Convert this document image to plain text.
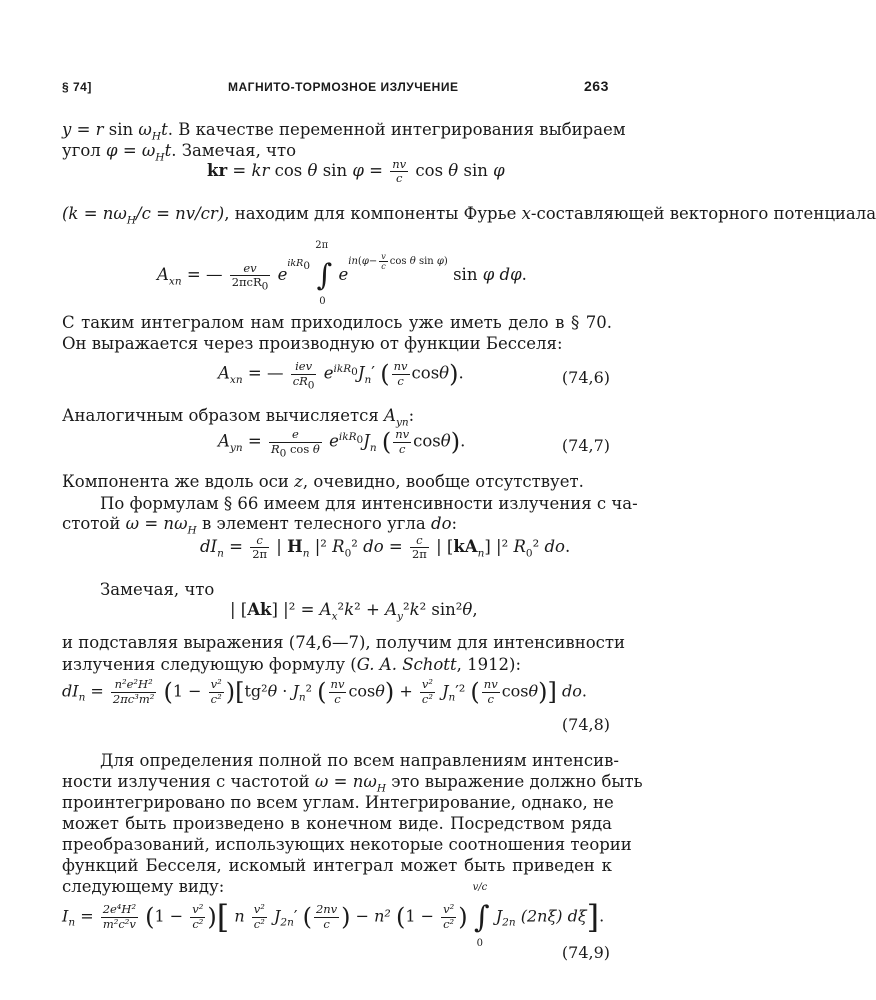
§ 74]	МАГНИТО-ТОРМОЗНОЕ ИЗЛУЧЕНИЕ	263
y = r $\sin \omega_Ht$. В качестве переменной интегрирования выбираем
угол $\varphi = \omega_Ht$. Замечая, что
kr = kr cos θ $\sin \varphi = \frac{nv}{c}$ cos θ sin φ
$(k = n\omega_H/c = nv/cr)$, находим для компоненты Фурье x-составляющей векторного потенциала
$A_{xn}$ = — $\frac{ev}{2\pi cR_0} e^{ikR_0}$ ∫
2π
0
$ein(\varphi- \frac{v}{c}$ cos θ sin φ) sin φ dφ.
С таким интегралом нам приходилось уже иметь дело в § 70.
Он выражается через производную от функции Бесселя:
$A_{xn}$ = — $\frac{\text{iev}}{cR_0} e^{ikR_0}J_n'$ ( $\frac{nv}{c} \cos\theta$).	(74,6)
Аналогичным образом вычисляется $A_{yn}$:
$A_{yn} = \frac{e}{R_0 \cos \theta} e^{ikR_0}J_n$ ( $\frac{nv}{c} \cos\theta$).	(74,7)
Компонента же вдоль оси z, очевидно, вообще отсутствует.
По формулам § 66 имеем для интенсивности излучения с ча-
стотой $\omega = n\omega_H$ в элемент телесного угла do:
$dI_n = \frac{c}{2\pi}$ | $H_n$ |² $R_0^2$ do = $\frac{c}{2\pi}$ | $[kA_n]$ |² $R_0^2$ do.
Замечая, что
| [Ak] $|^2 = A_x^2k^2 + A_y^2k^2$ sin²θ,
и подставляя выражения (74,6—7), получим для интенсивности
излучения следующую формулу (G. A. Schott, 1912):
$dI_n = \frac{\text{n²e²H²}}{\text{2πc³m²}} (1 - \frac{\text{v²}}{\text{c²}} )[tg^2\theta \cdot J_n^2$ ( $\frac{nv}{c} \cos\theta) + \frac{\text{v²}}{\text{c²}} J_n'^2$ ( $\frac{nv}{c} \cos\theta$)] do.
(74,8)
Для определения полной по всем направлениям интенсив-
ности излучения с частотой $\omega = n\omega_H$ это выражение должно быть
проинтегрировано по всем углам. Интегрирование, однако, не
может быть произведено в конечном виде. Посредством ряда
преобразований, использующих некоторые соотношения теории
функций Бесселя, искомый интеграл может быть приведен к
следующему виду:
$I_n = \frac{\text{2e⁴H²}}{\text{m²c²v}} (1 - \frac{\text{v²}}{\text{c²}}$ )[ n $\frac{\text{v²}}{\text{c²}} J_{2n}'$ ( $\frac{2nv}{c}$ ) − n² ($1 - \frac{\text{v²}}{\text{c²}}$ ) ∫
v/c
0
$J_{2n}$ (2nξ) dξ].
(74,9)
